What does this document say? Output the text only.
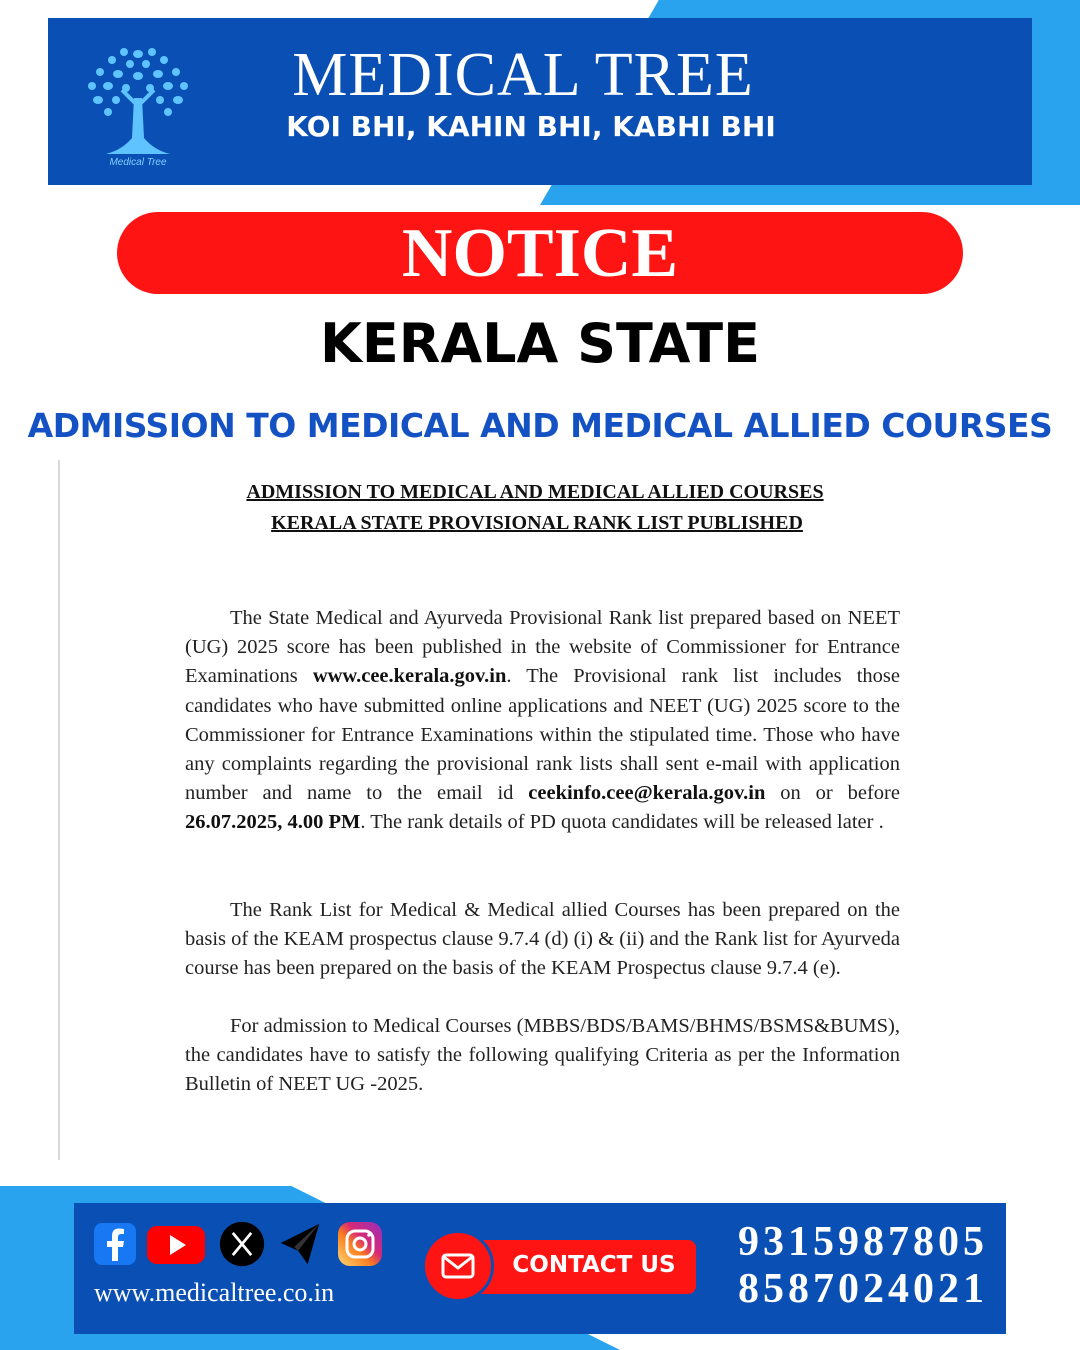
Medical Tree
MEDICAL TREE
KOI BHI, KAHIN BHI, KABHI BHI
NOTICE
KERALA STATE
ADMISSION TO MEDICAL AND MEDICAL ALLIED COURSES
ADMISSION TO MEDICAL AND MEDICAL ALLIED COURSES
KERALA STATE PROVISIONAL RANK LIST PUBLISHED

The State Medical and Ayurveda Provisional Rank list prepared based on NEET (UG) 2025 score has been published in the website of Commissioner for Entrance Examinations www.cee.kerala.gov.in. The Provisional rank list includes those candidates who have submitted online applications and NEET (UG) 2025 score to the Commissioner for Entrance Examinations within the stipulated time. Those who have any complaints regarding the provisional rank lists shall sent e-mail with application number and name to the email id ceekinfo.cee@kerala.gov.in on or before 26.07.2025, 4.00 PM. The rank details of PD quota candidates will be released later .

The Rank List for Medical & Medical allied Courses has been prepared on the basis of the KEAM prospectus clause 9.7.4 (d) (i) & (ii) and the Rank list for Ayurveda course has been prepared on the basis of the KEAM Prospectus clause 9.7.4 (e).

For admission to Medical Courses (MBBS/BDS/BAMS/BHMS/BSMS&BUMS), the candidates have to satisfy the following qualifying Criteria as per the Information Bulletin of NEET UG -2025.

www.medicaltree.co.in
CONTACT US	9315987805
8587024021
